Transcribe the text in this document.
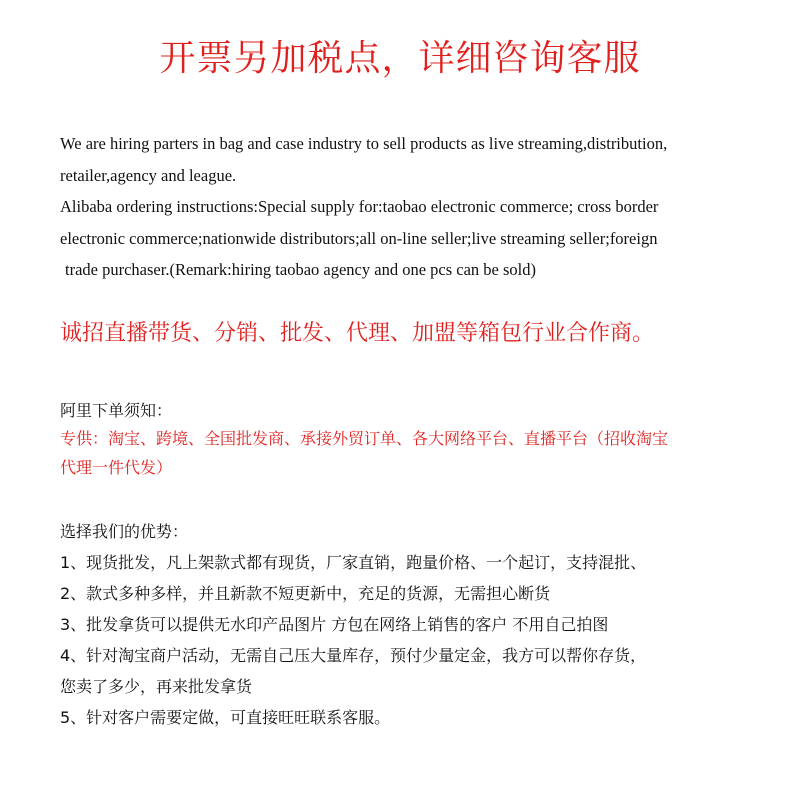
开票另加税点，详细咨询客服
We are hiring parters in bag and case industry to sell products as live streaming,distribution,
retailer,agency and league.
Alibaba ordering instructions:Special supply for:taobao electronic commerce; cross border
electronic commerce;nationwide distributors;all on-line seller;live streaming seller;foreign
trade purchaser.(Remark:hiring taobao agency and one pcs can be sold)
诚招直播带货、分销、批发、代理、加盟等箱包行业合作商。
阿里下单须知：
专供：淘宝、跨境、全国批发商、承接外贸订单、各大网络平台、直播平台（招收淘宝
代理一件代发）
选择我们的优势：
1、现货批发，凡上架款式都有现货，厂家直销，跑量价格、一个起订，支持混批、
2、款式多种多样，并且新款不短更新中，充足的货源，无需担心断货
3、批发拿货可以提供无水印产品图片 方包在网络上销售的客户 不用自己拍图
4、针对淘宝商户活动，无需自己压大量库存，预付少量定金，我方可以帮你存货，
您卖了多少，再来批发拿货
5、针对客户需要定做，可直接旺旺联系客服。
